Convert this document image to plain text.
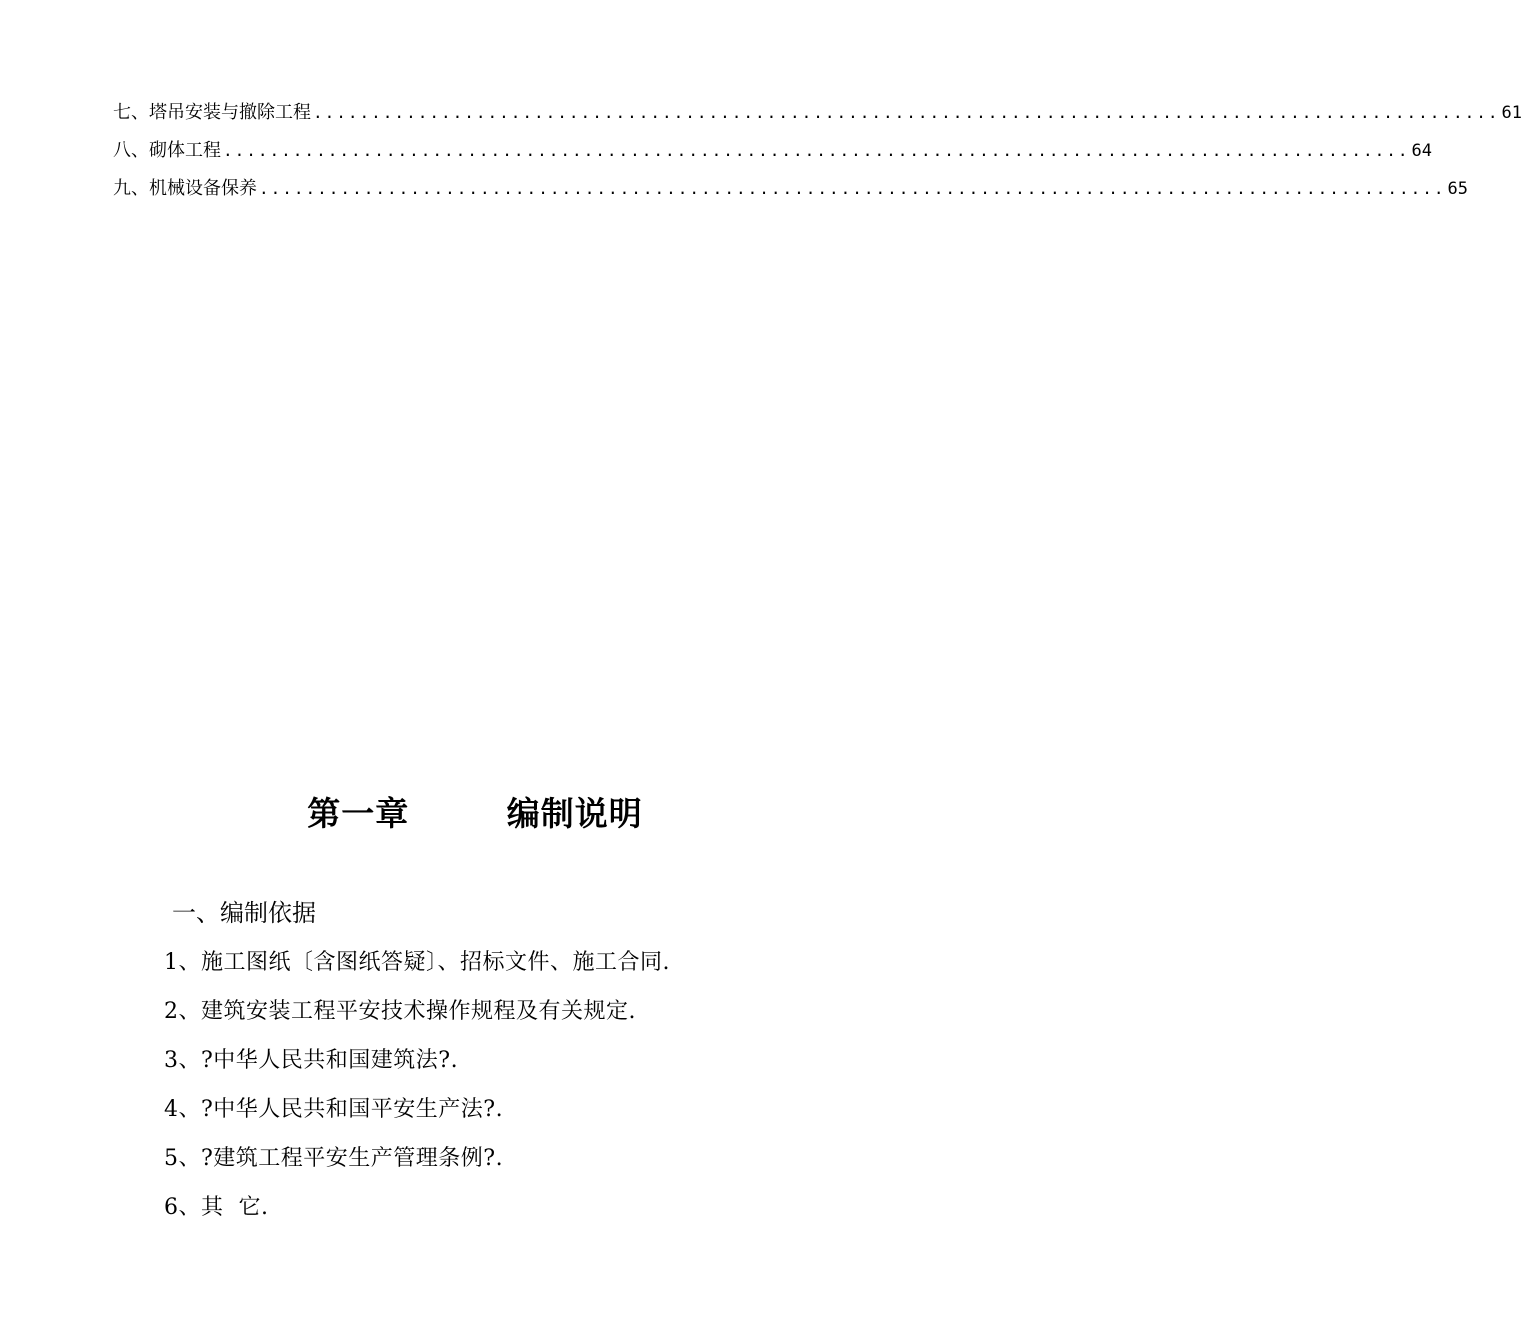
七、塔吊安装与撤除工程 ...................................................................................................... 61
八、砌体工程 ...................................................................................................... 64
九、机械设备保养 ...................................................................................................... 65
第一章   编制说明
一、编制依据
1、施工图纸〔含图纸答疑〕、招标文件、施工合同.
2、建筑安装工程平安技术操作规程及有关规定.
3、?中华人民共和国建筑法?.
4、?中华人民共和国平安生产法?.
5、?建筑工程平安生产管理条例?.
6、其  它.
